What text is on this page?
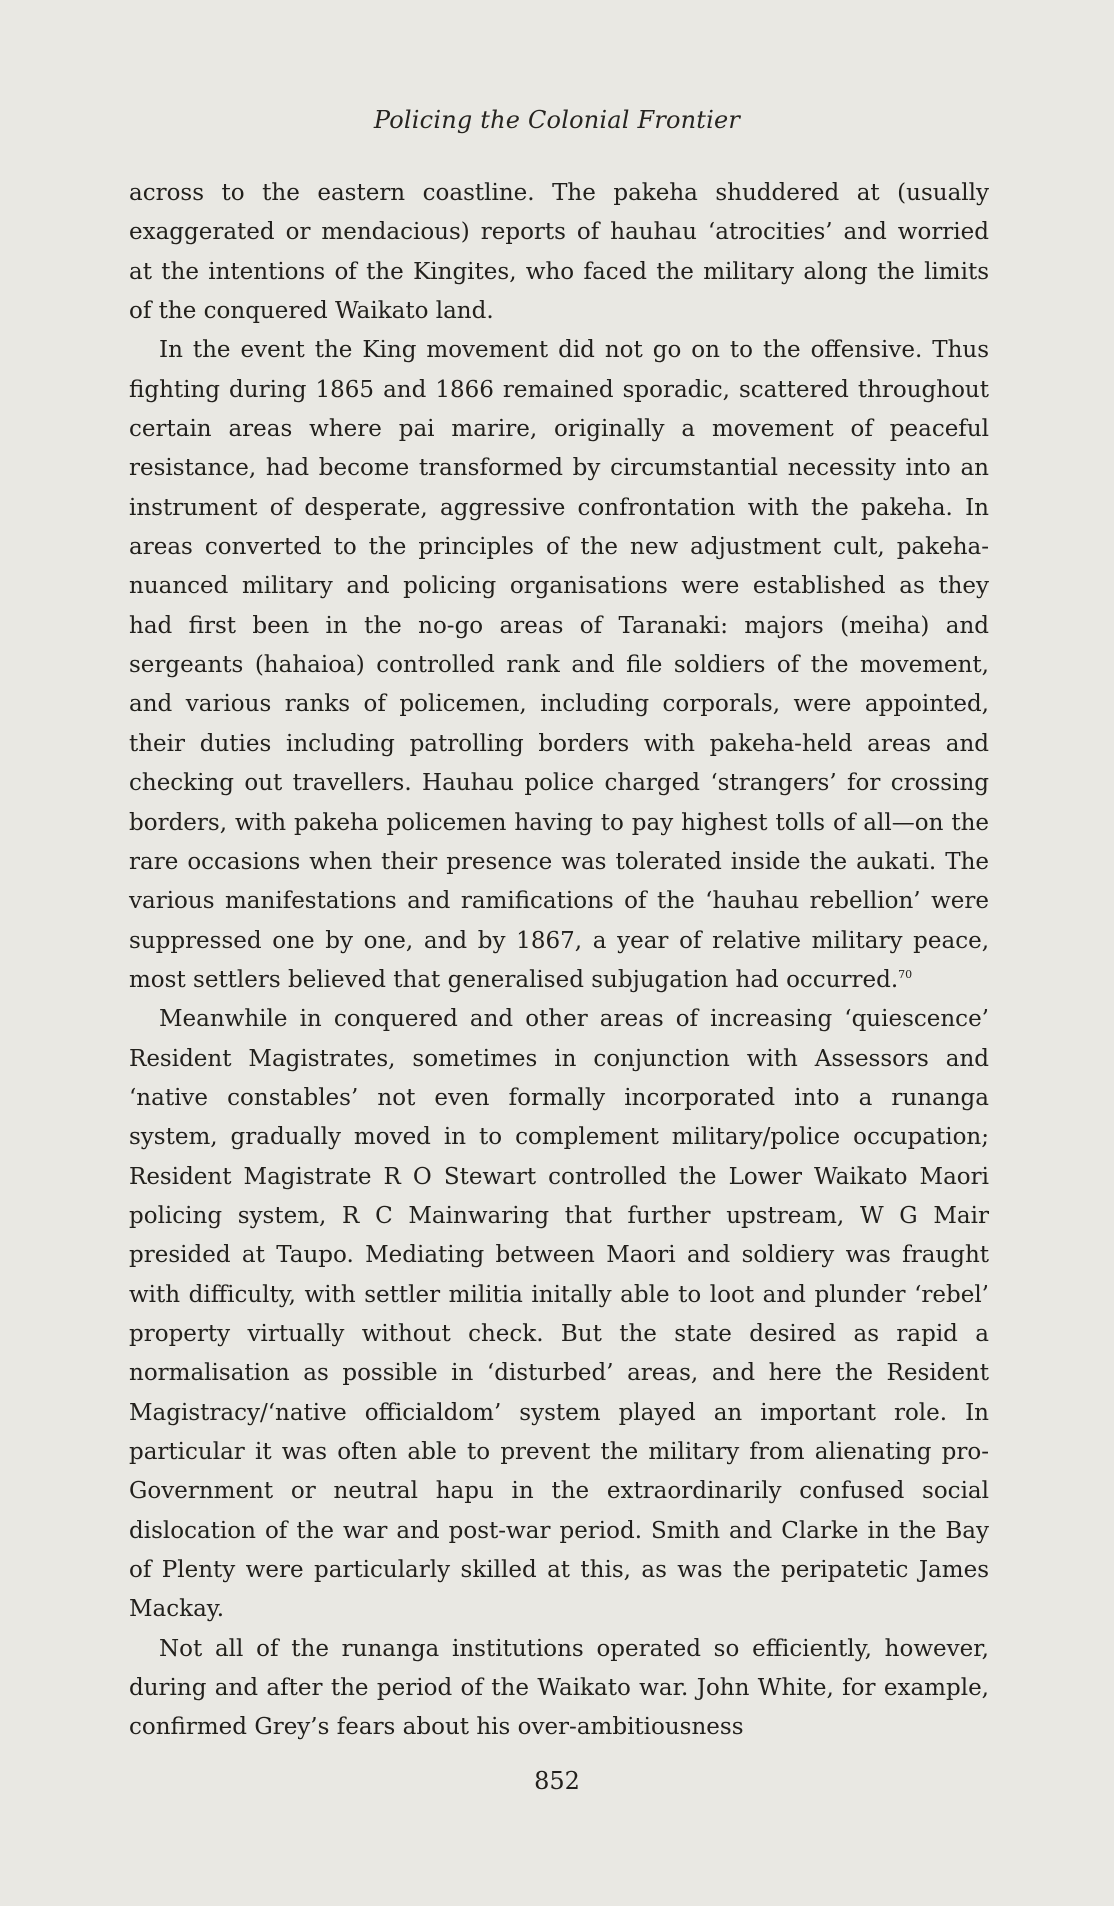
Policing the Colonial Frontier

across to the eastern coastline. The pakeha shuddered at (usually exaggerated or mendacious) reports of hauhau ‘atrocities’ and worried at the intentions of the Kingites, who faced the military along the limits of the conquered Waikato land.

In the event the King movement did not go on to the offensive. Thus fighting during 1865 and 1866 remained sporadic, scattered throughout certain areas where pai marire, originally a movement of peaceful resistance, had become transformed by circumstantial necessity into an instrument of desperate, aggressive confrontation with the pakeha. In areas converted to the principles of the new adjustment cult, pakeha-nuanced military and policing organisations were established as they had first been in the no-go areas of Taranaki: majors (meiha) and sergeants (hahaioa) controlled rank and file soldiers of the movement, and various ranks of policemen, including corporals, were appointed, their duties including patrolling borders with pakeha-held areas and checking out travellers. Hauhau police charged ‘strangers’ for crossing borders, with pakeha policemen having to pay highest tolls of all—on the rare occasions when their presence was tolerated inside the aukati. The various manifestations and ramifications of the ‘hauhau rebellion’ were suppressed one by one, and by 1867, a year of relative military peace, most settlers believed that generalised subjugation had occurred.$^{70}$

Meanwhile in conquered and other areas of increasing ‘quiescence’ Resident Magistrates, sometimes in conjunction with Assessors and ‘native constables’ not even formally incorporated into a runanga system, gradually moved in to complement military/police occupation; Resident Magistrate R O Stewart controlled the Lower Waikato Maori policing system, R C Mainwaring that further upstream, W G Mair presided at Taupo. Mediating between Maori and soldiery was fraught with difficulty, with settler militia initally able to loot and plunder ‘rebel’ property virtually without check. But the state desired as rapid a normalisation as possible in ‘disturbed’ areas, and here the Resident Magistracy/‘native officialdom’ system played an important role. In particular it was often able to prevent the military from alienating pro-Government or neutral hapu in the extraordinarily confused social dislocation of the war and post-war period. Smith and Clarke in the Bay of Plenty were particularly skilled at this, as was the peripatetic James Mackay.

Not all of the runanga institutions operated so efficiently, however, during and after the period of the Waikato war. John White, for example, confirmed Grey’s fears about his over-ambitiousness

852
